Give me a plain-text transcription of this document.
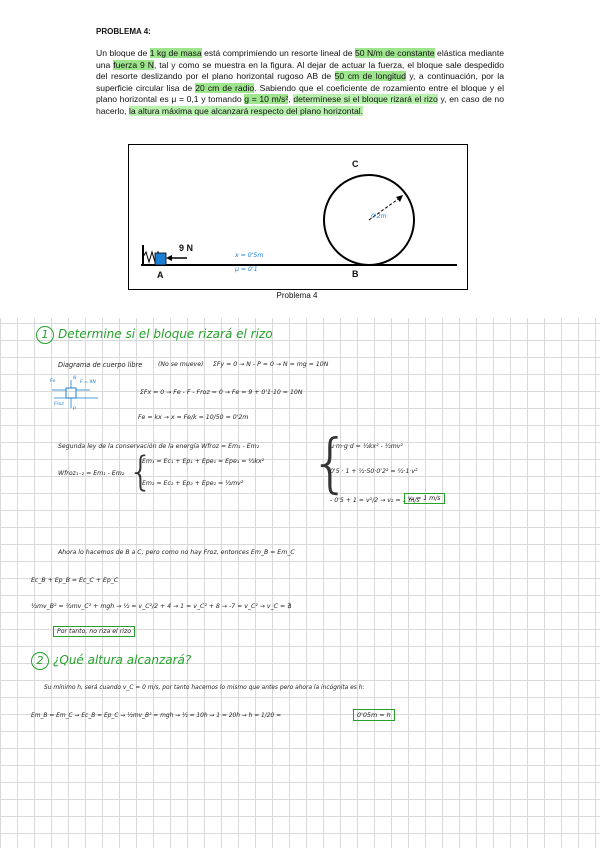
PROBLEMA 4:
Un bloque de 1 kg de masa está comprimiendo un resorte lineal de 50 N/m de constante elástica mediante una fuerza 9 N, tal y como se muestra en la figura. Al dejar de actuar la fuerza, el bloque sale despedido del resorte deslizando por el plano horizontal rugoso AB de 50 cm de longitud y, a continuación, por la superficie circular lisa de 20 cm de radio. Sabiendo que el coeficiente de rozamiento entre el bloque y el plano horizontal es μ = 0,1 y tomando g = 10 m/s², determínese si el bloque rizará el rizo y, en caso de no hacerlo, la altura máxima que alcanzará respecto del plano horizontal.
9 N
A	B
C
x = 0'5m
μ = 0'1
0'2m
Problema 4
1 Determine si el bloque rizará el rizo
Diagrama de cuerpo libre	(No se mueve) ΣFy = 0 → N - P = 0 → N = mg = 10N
Fe	F = 9N
Froz
N
P
ΣFx = 0 → Fe - F - Froz = 0 → Fe = 9 + 0'1·10 = 10N
Fe = kx → x = Fe/k = 10/50 = 0'2m
Segunda ley de la conservación de la energía Wfroz = Em₁ - Em₂
Wfroz₁₋₂ = Em₁ - Em₂ {
Em₁ = Ec₁ + Ep₁ + Epe₁ = Epe₁ = ½kx²
Em₂ = Ec₂ + Ep₂ + Epe₂ = ½mv² {
μ·m·g·d = ½kx² - ½mv²
0'5 · 1 + ½·50·0'2² = ½·1·v²
- 0'5 + 1 = v²/2 → v₂ = 1 m/s
v₂ = 1 m/s
Ahora lo hacemos de B a C, pero como no hay Froz, entonces Em_B = Em_C
Ec_B + Ep_B = Ec_C + Ep_C
½mv_B² = ½mv_C² + mgh → ½ = v_C²/2 + 4 → 1 = v_C² + 8 → -7 = v_C² → v_C = ∄
Por tanto, no riza el rizo
2 ¿Qué altura alcanzará?
Su mínimo h, será cuando v_C = 0 m/s, por tanto hacemos lo mismo que antes pero ahora la incógnita es h:
Em_B = Em_C → Ec_B = Ep_C → ½mv_B² = mgh → ½ = 10h → 1 = 20h → h = 1/20 =	0'05m = h
